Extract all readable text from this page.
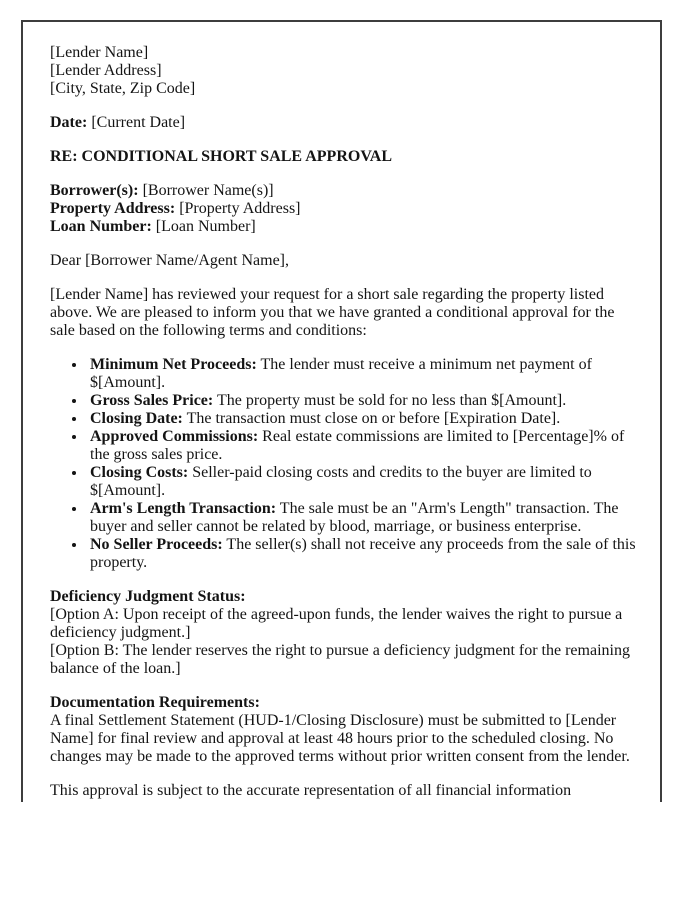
[Lender Name]
[Lender Address]
[City, State, Zip Code]
Date: [Current Date]
RE: CONDITIONAL SHORT SALE APPROVAL
Borrower(s): [Borrower Name(s)]
Property Address: [Property Address]
Loan Number: [Loan Number]
Dear [Borrower Name/Agent Name],
[Lender Name] has reviewed your request for a short sale regarding the property listed above. We are pleased to inform you that we have granted a conditional approval for the sale based on the following terms and conditions:
• Minimum Net Proceeds: The lender must receive a minimum net payment of $[Amount].
• Gross Sales Price: The property must be sold for no less than $[Amount].
• Closing Date: The transaction must close on or before [Expiration Date].
• Approved Commissions: Real estate commissions are limited to [Percentage]% of the gross sales price.
• Closing Costs: Seller-paid closing costs and credits to the buyer are limited to $[Amount].
• Arm's Length Transaction: The sale must be an "Arm's Length" transaction. The buyer and seller cannot be related by blood, marriage, or business enterprise.
• No Seller Proceeds: The seller(s) shall not receive any proceeds from the sale of this property.
Deficiency Judgment Status:
[Option A: Upon receipt of the agreed-upon funds, the lender waives the right to pursue a deficiency judgment.]
[Option B: The lender reserves the right to pursue a deficiency judgment for the remaining balance of the loan.]
Documentation Requirements:
A final Settlement Statement (HUD-1/Closing Disclosure) must be submitted to [Lender Name] for final review and approval at least 48 hours prior to the scheduled closing. No changes may be made to the approved terms without prior written consent from the lender.
This approval is subject to the accurate representation of all financial information
